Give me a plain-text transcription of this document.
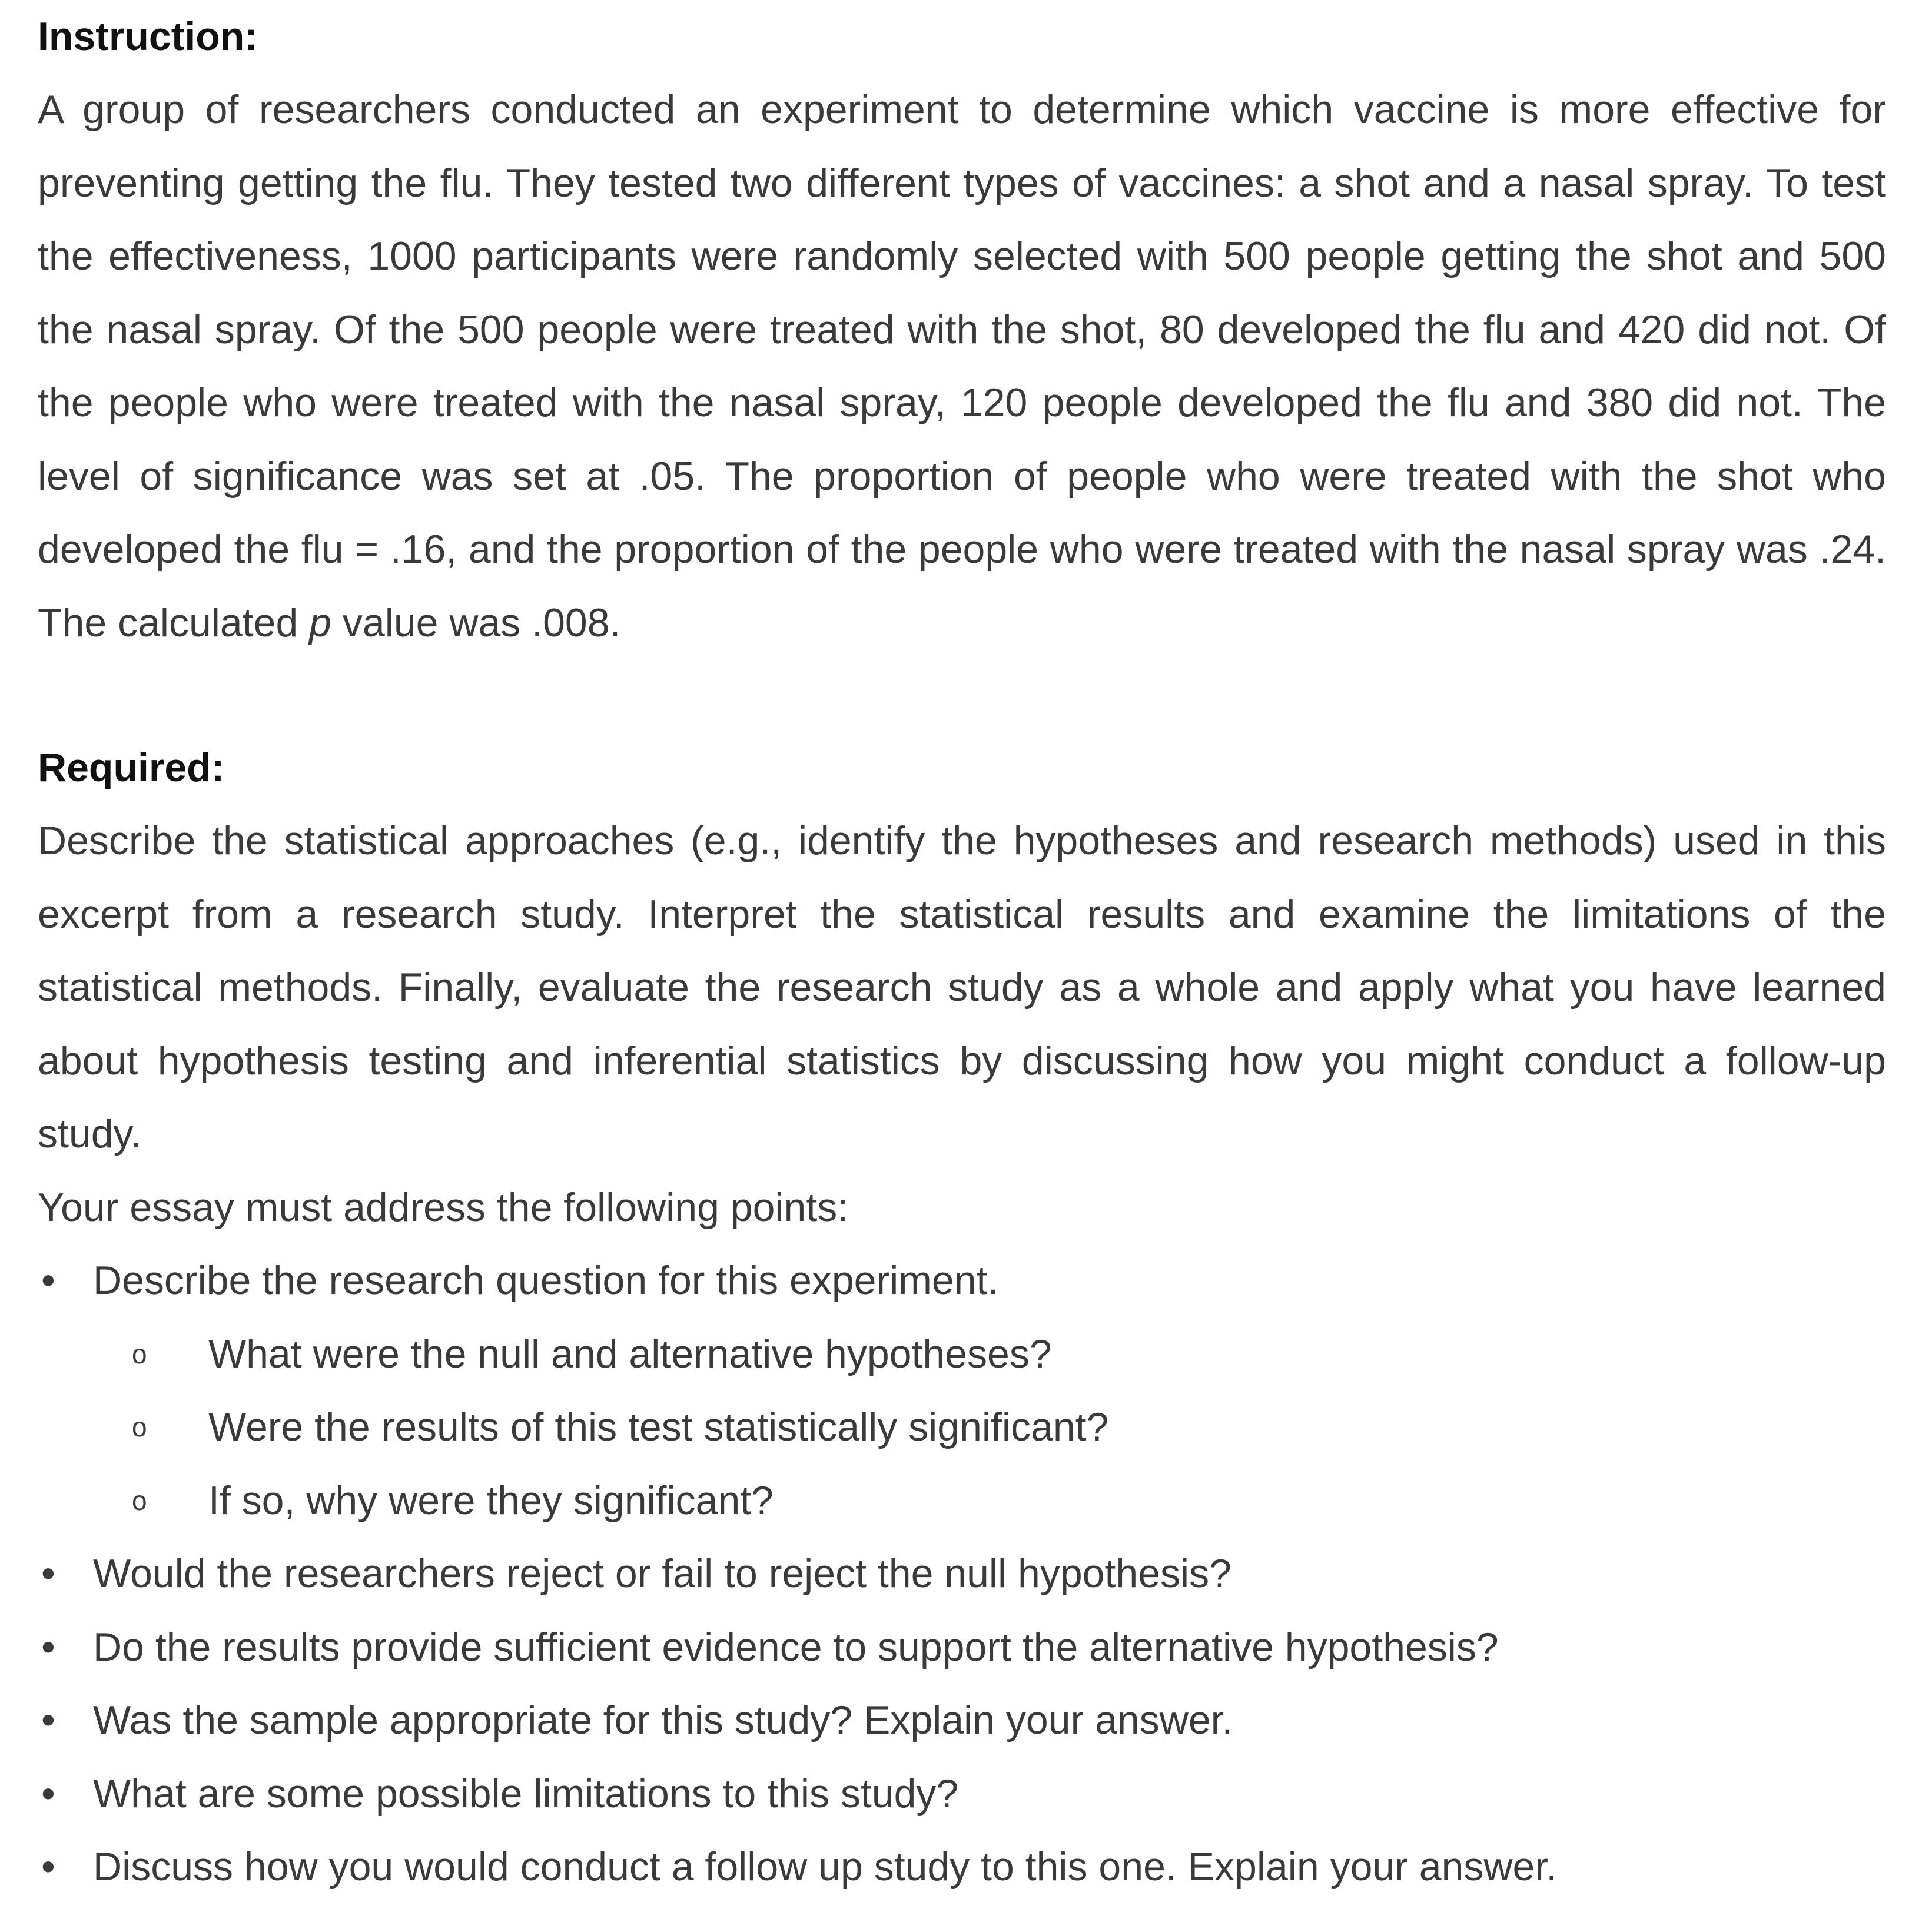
Instruction:

A group of researchers conducted an experiment to determine which vaccine is more effective for preventing getting the flu. They tested two different types of vaccines: a shot and a nasal spray. To test the effectiveness, 1000 participants were randomly selected with 500 people getting the shot and 500 the nasal spray. Of the 500 people were treated with the shot, 80 developed the flu and 420 did not. Of the people who were treated with the nasal spray, 120 people developed the flu and 380 did not. The level of significance was set at .05. The proportion of people who were treated with the shot who developed the flu = .16, and the proportion of the people who were treated with the nasal spray was .24. The calculated p value was .008.

Required:

Describe the statistical approaches (e.g., identify the hypotheses and research methods) used in this excerpt from a research study. Interpret the statistical results and examine the limitations of the statistical methods. Finally, evaluate the research study as a whole and apply what you have learned about hypothesis testing and inferential statistics by discussing how you might conduct a follow-up study.

Your essay must address the following points:

• Describe the research question for this experiment.
o What were the null and alternative hypotheses?
o Were the results of this test statistically significant?
o If so, why were they significant?
• Would the researchers reject or fail to reject the null hypothesis?
• Do the results provide sufficient evidence to support the alternative hypothesis?
• Was the sample appropriate for this study? Explain your answer.
• What are some possible limitations to this study?
• Discuss how you would conduct a follow up study to this one. Explain your answer.
